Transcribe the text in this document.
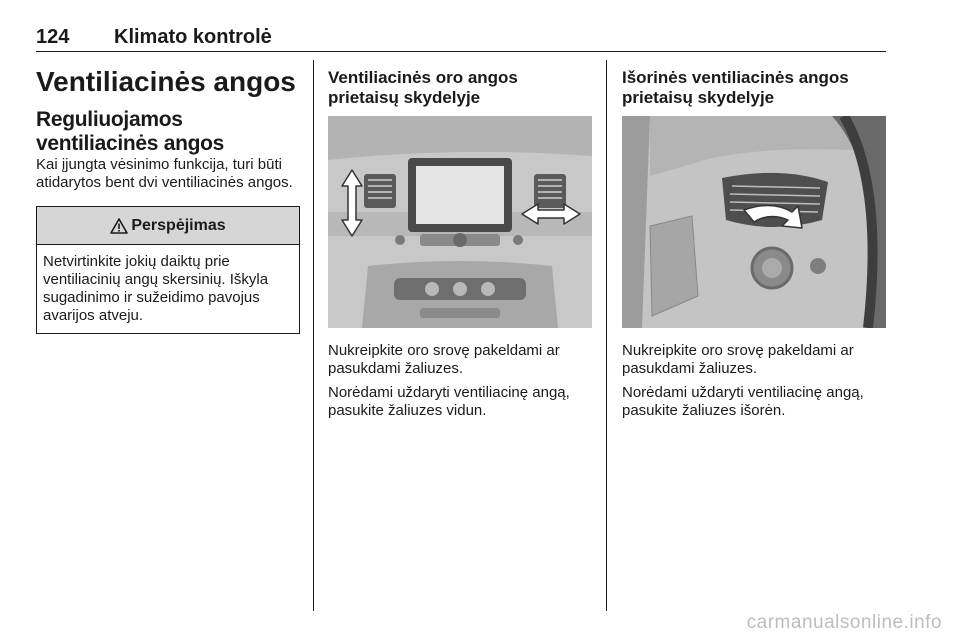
124 Klimato kontrolė
Ventiliacinės angos
Reguliuojamos ventiliacinės angos

Kai įjungta vėsinimo funkcija, turi būti atidarytos bent dvi ventiliacinės angos.

Perspėjimas
Netvirtinkite jokių daiktų prie ventiliacinių angų skersinių. Iškyla sugadinimo ir sužeidimo pavojus avarijos atveju.
Ventiliacinės oro angos prietaisų skydelyje

Nukreipkite oro srovę pakeldami ar pasukdami žaliuzes.

Norėdami uždaryti ventiliacinę angą, pasukite žaliuzes vidun.

Išorinės ventiliacinės angos prietaisų skydelyje

Nukreipkite oro srovę pakeldami ar pasukdami žaliuzes.

Norėdami uždaryti ventiliacinę angą, pasukite žaliuzes išorėn.

carmanualsonline.info
